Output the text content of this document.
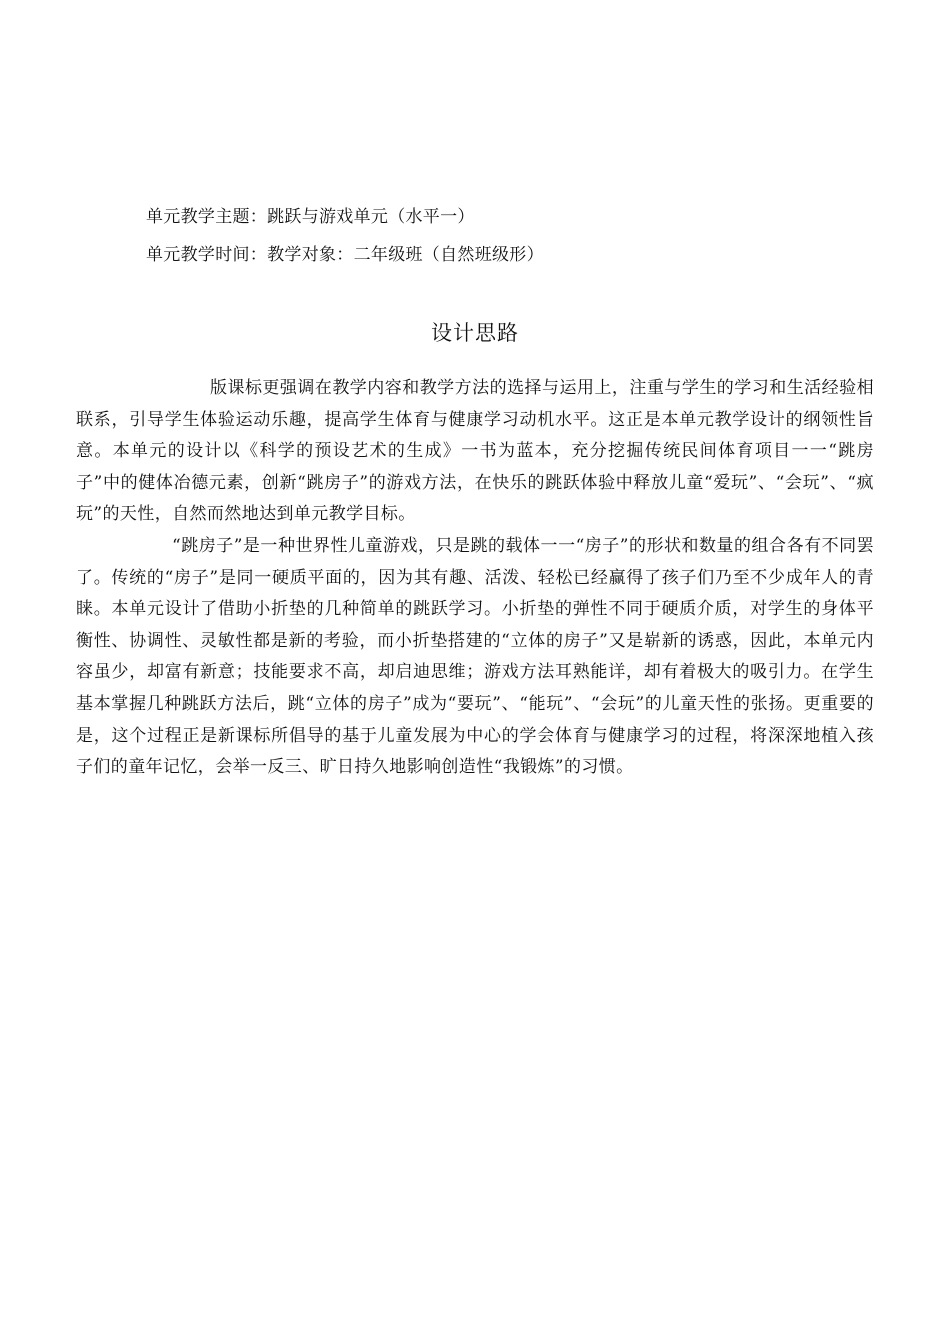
单元教学主题：跳跃与游戏单元（水平一）
单元教学时间：教学对象：二年级班（自然班级形）
设计思路

版课标更强调在教学内容和教学方法的选择与运用上，注重与学生的学习和生活经验相联系，引导学生体验运动乐趣，提高学生体育与健康学习动机水平。这正是本单元教学设计的纲领性旨意。本单元的设计以《科学的预设艺术的生成》一书为蓝本，充分挖掘传统民间体育项目一一“跳房子”中的健体冶德元素，创新“跳房子”的游戏方法，在快乐的跳跃体验中释放儿童“爱玩”、“会玩”、“疯玩”的天性，自然而然地达到单元教学目标。

“跳房子”是一种世界性儿童游戏，只是跳的载体一一“房子”的形状和数量的组合各有不同罢了。传统的“房子”是同一硬质平面的，因为其有趣、活泼、轻松已经赢得了孩子们乃至不少成年人的青睐。本单元设计了借助小折垫的几种简单的跳跃学习。小折垫的弹性不同于硬质介质，对学生的身体平衡性、协调性、灵敏性都是新的考验，而小折垫搭建的“立体的房子”又是崭新的诱惑，因此，本单元内容虽少，却富有新意；技能要求不高，却启迪思维；游戏方法耳熟能详，却有着极大的吸引力。在学生基本掌握几种跳跃方法后，跳“立体的房子”成为“要玩”、“能玩”、“会玩”的儿童天性的张扬。更重要的是，这个过程正是新课标所倡导的基于儿童发展为中心的学会体育与健康学习的过程，将深深地植入孩子们的童年记忆，会举一反三、旷日持久地影响创造性“我锻炼”的习惯。
